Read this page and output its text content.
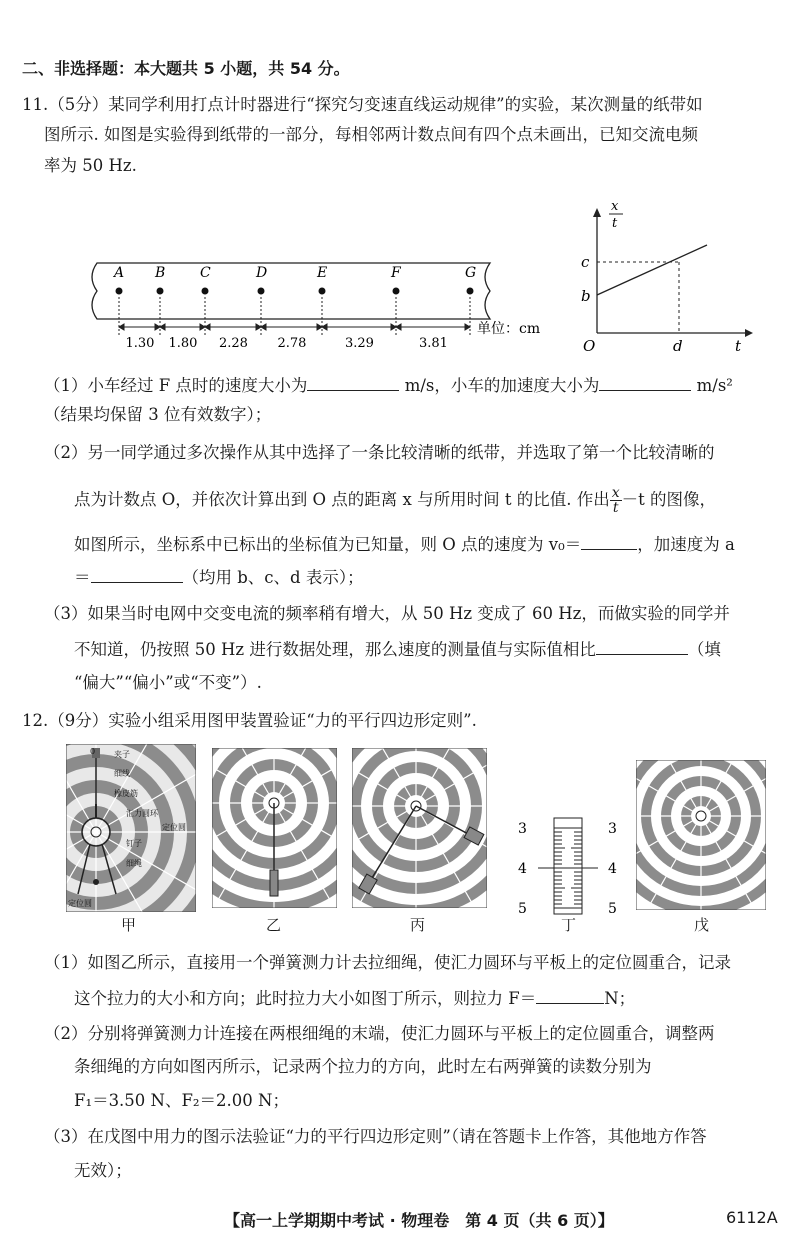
二、非选择题：本大题共 5 小题，共 54 分。
11.（5分）某同学利用打点计时器进行“探究匀变速直线运动规律”的实验，某次测量的纸带如
图所示. 如图是实验得到纸带的一部分，每相邻两计数点间有四个点未画出，已知交流电频
率为 50 Hz.
A B C	D	E	F	G
1.30 1.80 2.28 2.78	3.29	3.81
单位：cm
x
t
c
b
O	d	t
（1）小车经过 F 点时的速度大小为	m/s，小车的加速度大小为	m/s²
（结果均保留 3 位有效数字）；
（2）另一同学通过多次操作从其中选择了一条比较清晰的纸带，并选取了第一个比较清晰的
点为计数点 O，并依次计算出到 O 点的距离 x 与所用时间 t 的比值. 作出 $\frac{x}{t} -t$ 的图像，
如图所示，坐标系中已标出的坐标值为已知量，则 O 点的速度为 v₀＝	，加速度为 a
＝	（均用 b、c、d 表示）；
（3）如果当时电网中交变电流的频率稍有增大，从 50 Hz 变成了 60 Hz，而做实验的同学并
不知道，仍按照 50 Hz 进行数据处理，那么速度的测量值与实际值相比	（填
“偏大”“偏小”或“不变”）.
12.（9分）实验小组采用图甲装置验证“力的平行四边形定则”.
0 夹子
细线
橡皮筋
汇力圆环
定位圆
钉子
细绳
定位圆
3
4
5
3
4
5
甲	乙	丙	丁	戊
（1）如图乙所示，直接用一个弹簧测力计去拉细绳，使汇力圆环与平板上的定位圆重合，记录
这个拉力的大小和方向；此时拉力大小如图丁所示，则拉力 F＝	N；
（2）分别将弹簧测力计连接在两根细绳的末端，使汇力圆环与平板上的定位圆重合，调整两
条细绳的方向如图丙所示，记录两个拉力的方向，此时左右两弹簧的读数分别为
F₁＝3.50 N、F₂＝2.00 N；
（3）在戊图中用力的图示法验证“力的平行四边形定则”（请在答题卡上作答，其他地方作答
无效）；
【高一上学期期中考试 · 物理卷　第 4 页（共 6 页）】	6112A
